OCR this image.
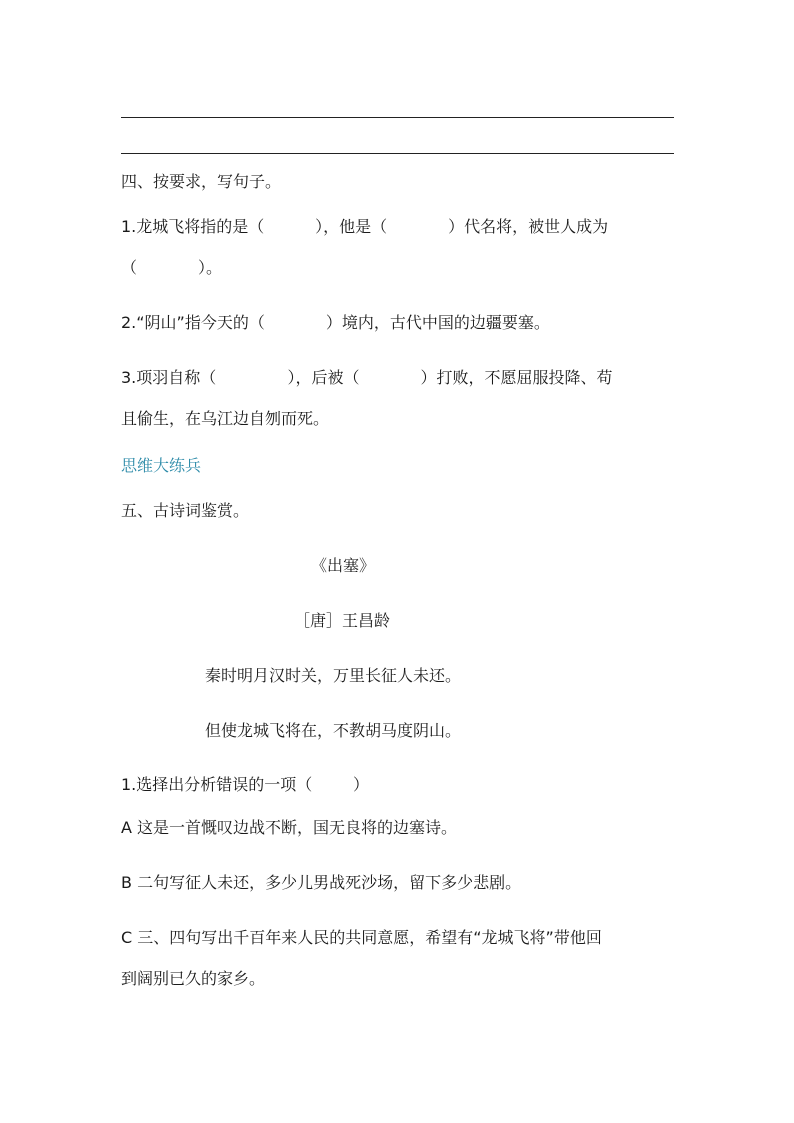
四、按要求，写句子。
1.龙城飞将指的是（          ），他是（            ）代名将，被世人成为
（            ）。
2.“阴山”指今天的（            ）境内，古代中国的边疆要塞。
3.项羽自称（              ），后被（            ）打败，不愿屈服投降、苟
且偷生，在乌江边自刎而死。
思维大练兵
五、古诗词鉴赏。
《出塞》
［唐］王昌龄
秦时明月汉时关，万里长征人未还。
但使龙城飞将在，不教胡马度阴山。
1.选择出分析错误的一项（        ）
A 这是一首慨叹边战不断，国无良将的边塞诗。
B 二句写征人未还，多少儿男战死沙场，留下多少悲剧。
C 三、四句写出千百年来人民的共同意愿，希望有“龙城飞将”带他回
到阔别已久的家乡。
